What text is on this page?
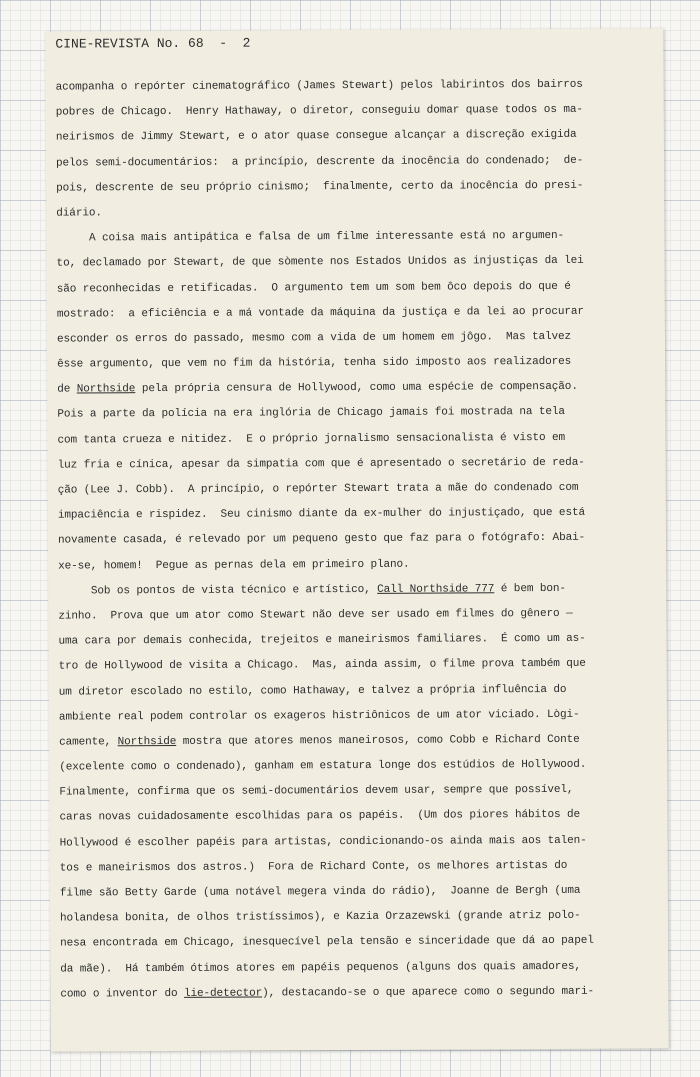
CINE-REVISTA No. 68  -  2
acompanha o repórter cinematográfico (James Stewart) pelos labirintos dos bairros
pobres de Chicago.  Henry Hathaway, o diretor, conseguiu domar quase todos os ma-
neirismos de Jimmy Stewart, e o ator quase consegue alcançar a discreção exigida
pelos semi-documentários:  a princípio, descrente da inocência do condenado;  de-
pois, descrente de seu próprio cinismo;  finalmente, certo da inocência do presi-
diário.
A coisa mais antipática e falsa de um filme interessante está no argumen-
to, declamado por Stewart, de que sòmente nos Estados Unidos as injustiças da lei
são reconhecidas e retificadas.  O argumento tem um som bem ôco depois do que é
mostrado:  a eficiência e a má vontade da máquina da justiça e da lei ao procurar
esconder os erros do passado, mesmo com a vida de um homem em jôgo.  Mas talvez
êsse argumento, que vem no fim da história, tenha sido imposto aos realizadores
de Northside pela própria censura de Hollywood, como uma espécie de compensação.
Pois a parte da polícia na era inglória de Chicago jamais foi mostrada na tela
com tanta crueza e nitidez.  E o próprio jornalismo sensacionalista é visto em
luz fria e cínica, apesar da simpatia com que é apresentado o secretário de reda-
ção (Lee J. Cobb).  A princípio, o repórter Stewart trata a mãe do condenado com
impaciência e rispidez.  Seu cinismo diante da ex-mulher do injustiçado, que está
novamente casada, é relevado por um pequeno gesto que faz para o fotógrafo: Abai-
xe-se, homem!  Pegue as pernas dela em primeiro plano.
Sob os pontos de vista técnico e artístico, Call Northside 777 é bem bon-
zinho.  Prova que um ator como Stewart não deve ser usado em filmes do gênero —
uma cara por demais conhecida, trejeitos e maneirismos familiares.  É como um as-
tro de Hollywood de visita a Chicago.  Mas, ainda assim, o filme prova também que
um diretor escolado no estilo, como Hathaway, e talvez a própria influência do
ambiente real podem controlar os exageros histriônicos de um ator viciado. Lògi-
camente, Northside mostra que atores menos maneirosos, como Cobb e Richard Conte
(excelente como o condenado), ganham em estatura longe dos estúdios de Hollywood.
Finalmente, confirma que os semi-documentários devem usar, sempre que possível,
caras novas cuidadosamente escolhidas para os papéis.  (Um dos piores hábitos de
Hollywood é escolher papéis para artistas, condicionando-os ainda mais aos talen-
tos e maneirismos dos astros.)  Fora de Richard Conte, os melhores artistas do
filme são Betty Garde (uma notável megera vinda do rádio),  Joanne de Bergh (uma
holandesa bonita, de olhos tristíssimos), e Kazia Orzazewski (grande atriz polo-
nesa encontrada em Chicago, inesquecível pela tensão e sinceridade que dá ao papel
da mãe).  Há também ótimos atores em papéis pequenos (alguns dos quais amadores,
como o inventor do lie-detector), destacando-se o que aparece como o segundo mari-
